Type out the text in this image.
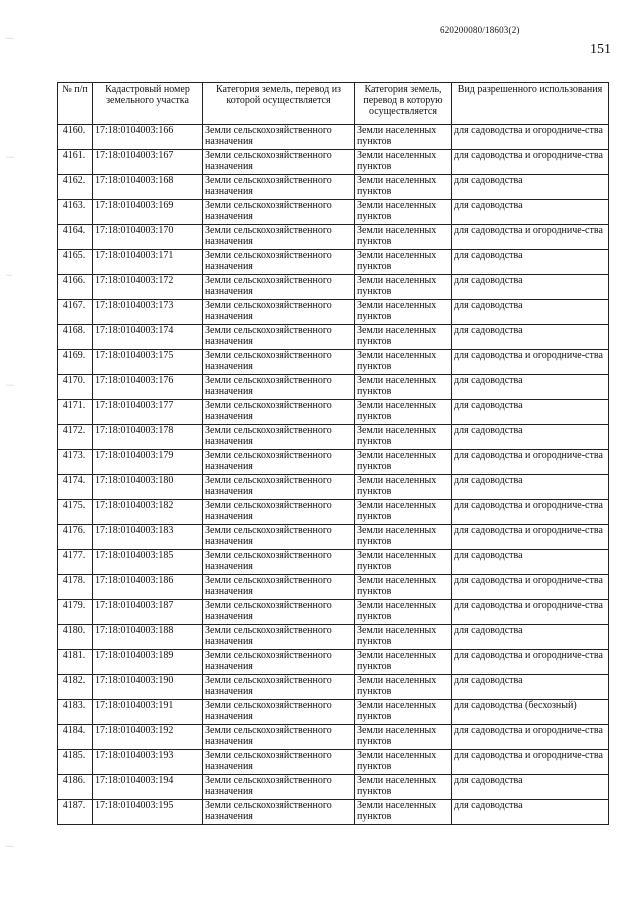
620200080/18603(2)
151
····
····
···
····
····
№ п/п	Кадастровый номер земельного участка	Категория земель, перевод из которой осуществляется	Категория земель, перевод в которую осуществляется	Вид разрешенного использования
4160.	17:18:0104003:166	Земли сельскохозяйственного назначения	Земли населенных пунктов	для садоводства и огородниче-ства
4161.	17:18:0104003:167	Земли сельскохозяйственного назначения	Земли населенных пунктов	для садоводства и огородниче-ства
4162.	17:18:0104003:168	Земли сельскохозяйственного назначения	Земли населенных пунктов	для садоводства
4163.	17:18:0104003:169	Земли сельскохозяйственного назначения	Земли населенных пунктов	для садоводства
4164.	17:18:0104003:170	Земли сельскохозяйственного назначения	Земли населенных пунктов	для садоводства и огородниче-ства
4165.	17:18:0104003:171	Земли сельскохозяйственного назначения	Земли населенных пунктов	для садоводства
4166.	17:18:0104003:172	Земли сельскохозяйственного назначения	Земли населенных пунктов	для садоводства
4167.	17:18:0104003:173	Земли сельскохозяйственного назначения	Земли населенных пунктов	для садоводства
4168.	17:18:0104003:174	Земли сельскохозяйственного назначения	Земли населенных пунктов	для садоводства
4169.	17:18:0104003:175	Земли сельскохозяйственного назначения	Земли населенных пунктов	для садоводства и огородниче-ства
4170.	17:18:0104003:176	Земли сельскохозяйственного назначения	Земли населенных пунктов	для садоводства
4171.	17:18:0104003:177	Земли сельскохозяйственного назначения	Земли населенных пунктов	для садоводства
4172.	17:18:0104003:178	Земли сельскохозяйственного назначения	Земли населенных пунктов	для садоводства
4173.	17:18:0104003:179	Земли сельскохозяйственного назначения	Земли населенных пунктов	для садоводства и огородниче-ства
4174.	17:18:0104003:180	Земли сельскохозяйственного назначения	Земли населенных пунктов	для садоводства
4175.	17:18:0104003:182	Земли сельскохозяйственного назначения	Земли населенных пунктов	для садоводства и огородниче-ства
4176.	17:18:0104003:183	Земли сельскохозяйственного назначения	Земли населенных пунктов	для садоводства и огородниче-ства
4177.	17:18:0104003:185	Земли сельскохозяйственного назначения	Земли населенных пунктов	для садоводства
4178.	17:18:0104003:186	Земли сельскохозяйственного назначения	Земли населенных пунктов	для садоводства и огородниче-ства
4179.	17:18:0104003:187	Земли сельскохозяйственного назначения	Земли населенных пунктов	для садоводства и огородниче-ства
4180.	17:18:0104003:188	Земли сельскохозяйственного назначения	Земли населенных пунктов	для садоводства
4181.	17:18:0104003:189	Земли сельскохозяйственного назначения	Земли населенных пунктов	для садоводства и огородниче-ства
4182.	17:18:0104003:190	Земли сельскохозяйственного назначения	Земли населенных пунктов	для садоводства
4183.	17:18:0104003:191	Земли сельскохозяйственного назначения	Земли населенных пунктов	для садоводства (бесхозный)
4184.	17:18:0104003:192	Земли сельскохозяйственного назначения	Земли населенных пунктов	для садоводства и огородниче-ства
4185.	17:18:0104003:193	Земли сельскохозяйственного назначения	Земли населенных пунктов	для садоводства и огородниче-ства
4186.	17:18:0104003:194	Земли сельскохозяйственного назначения	Земли населенных пунктов	для садоводства
4187.	17:18:0104003:195	Земли сельскохозяйственного назначения	Земли населенных пунктов	для садоводства
